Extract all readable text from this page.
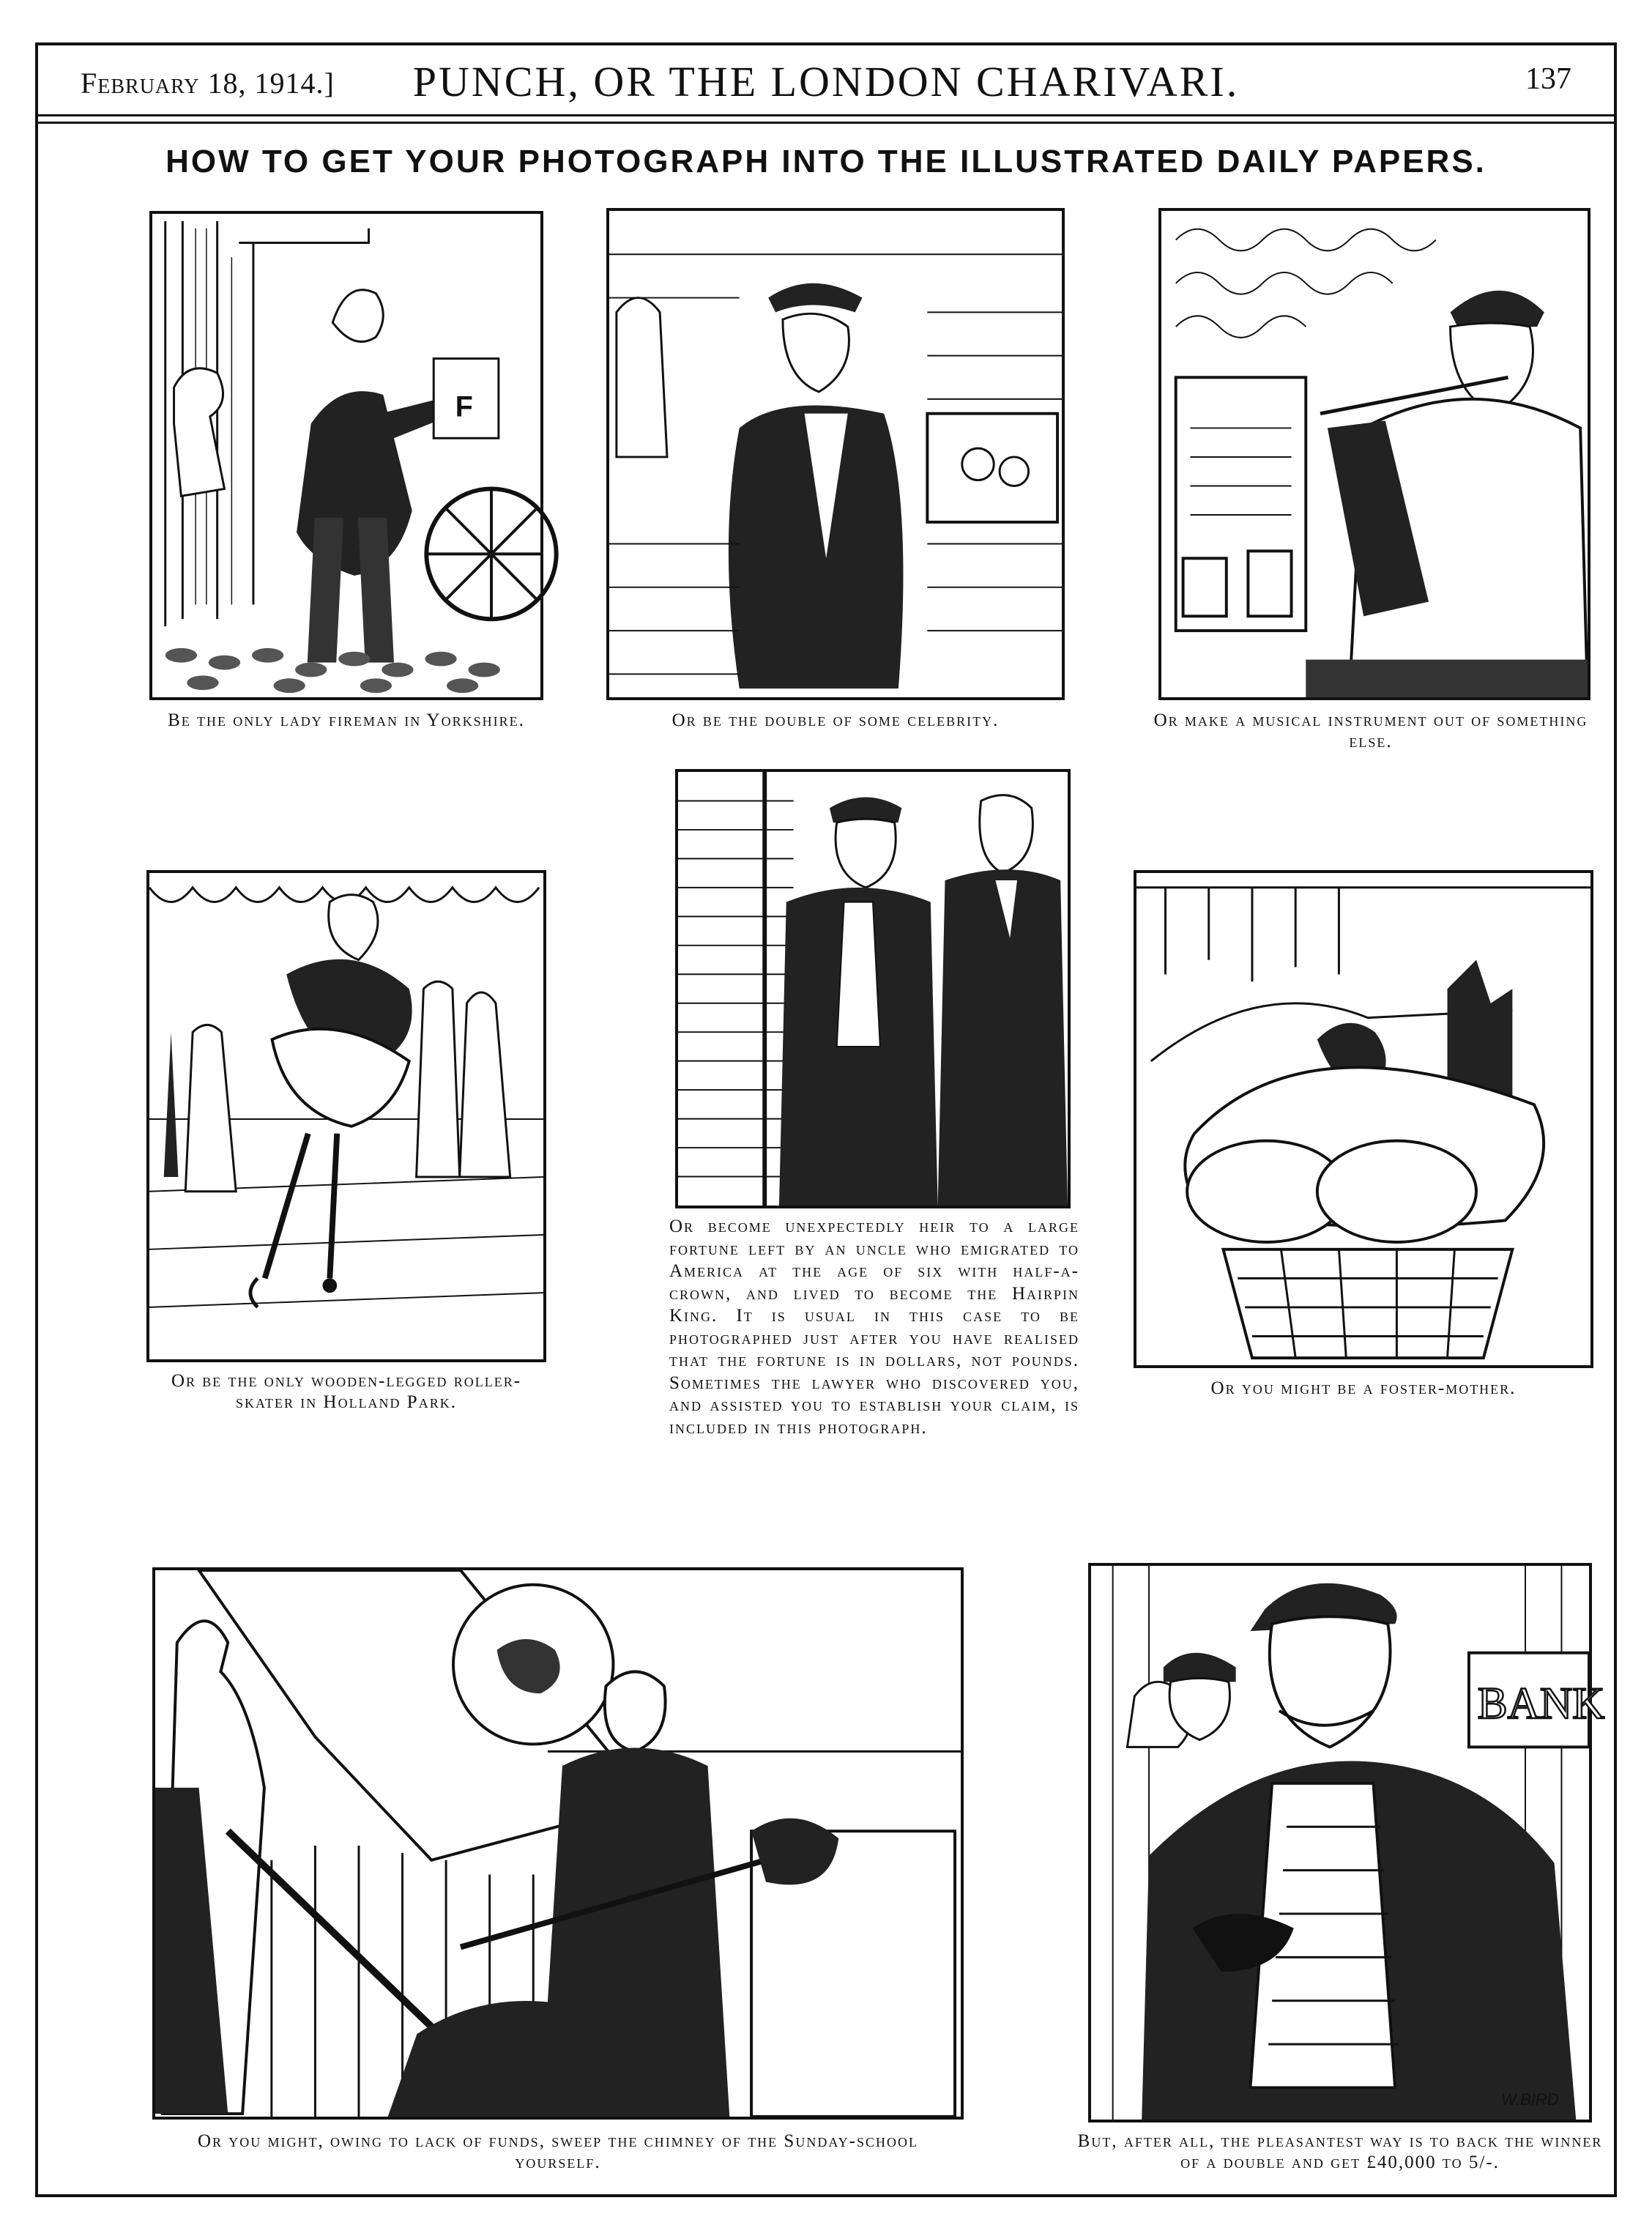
February 18, 1914.]	PUNCH, OR THE LONDON CHARIVARI.	137
HOW TO GET YOUR PHOTOGRAPH INTO THE ILLUSTRATED DAILY PAPERS.
F
Be the only lady fireman in Yorkshire.	Or be the double of some celebrity.	Or make a musical instrument out of something else.
Or be the only wooden-legged roller-skater in Holland Park.
Or become unexpectedly heir to a large fortune left by an uncle who emigrated to America at the age of six with half-a-crown, and lived to become the Hairpin King. It is usual in this case to be photographed just after you have realised that the fortune is in dollars, not pounds. Sometimes the lawyer who discovered you, and assisted you to establish your claim, is included in this photograph.
Or you might be a foster-mother.
Or you might, owing to lack of funds, sweep the chimney of the Sunday-school yourself.
BANK
W.BIRD
But, after all, the pleasantest way is to back the winner of a double and get £40,000 to 5/-.
